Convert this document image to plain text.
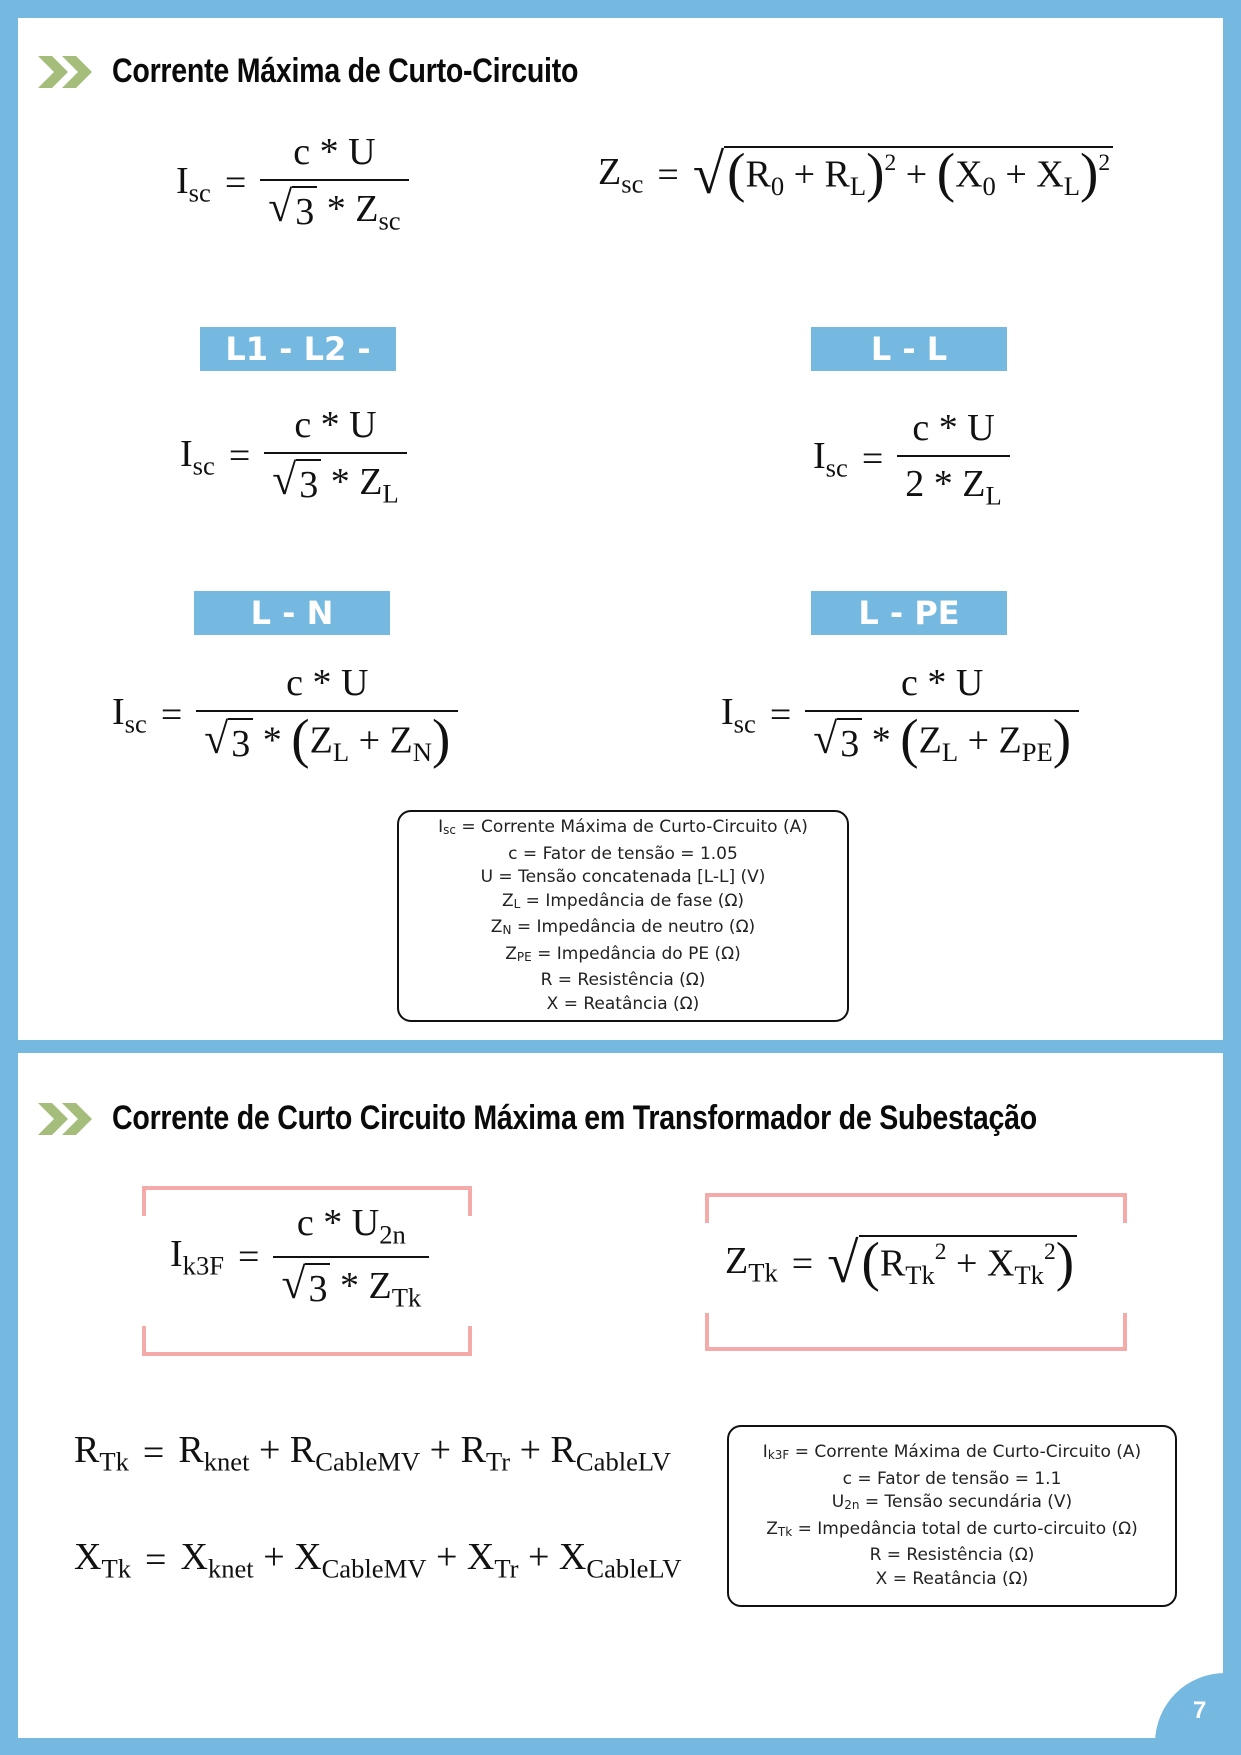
Corrente Máxima de Curto-Circuito
$I_{sc} = \frac{c * U}{√ 3 * Z_{sc}}$	$Z_{sc}$ = √ $(R_0 + R_L)^2 + (X_0 + X_L)^2$
L1 - L2 - L3
L - L
$I_{sc} = \frac{c * U}{√ 3 * Z_L}$	$I_{sc} = \frac{c * U}{2 * Z_L}$
L - N	L - PE
$I_{sc} = \frac{c * U}{√ 3 * (Z_L + Z_N)}$	$I_{sc} = \frac{c * U}{√ 3 * (Z_L + Z_{PE})}$
Isc = Corrente Máxima de Curto-Circuito (A)
c = Fator de tensão = 1.05
U = Tensão concatenada [L-L] (V)
ZL = Impedância de fase (Ω)
ZN = Impedância de neutro (Ω)
ZPE = Impedância do PE (Ω)
R = Resistência (Ω)
X = Reatância (Ω)
Corrente de Curto Circuito Máxima em Transformador de Subestação
$I_{k3F} = \frac{c * U_{2n}}{√ 3 * Z_{Tk}}$	$Z_{Tk}$ = √ $(R_{Tk}^2 + X_{Tk}^2)$
$R_{Tk} = R_{knet} + R_{CableMV} + R_{Tr} + R_{CableLV}$
$X_{Tk} = X_{knet} + X_{CableMV} + X_{Tr} + X_{CableLV}$
Ik3F = Corrente Máxima de Curto-Circuito (A)
c = Fator de tensão = 1.1
U2n = Tensão secundária (V)
ZTk = Impedância total de curto-circuito (Ω)
R = Resistência (Ω)
X = Reatância (Ω)
7
